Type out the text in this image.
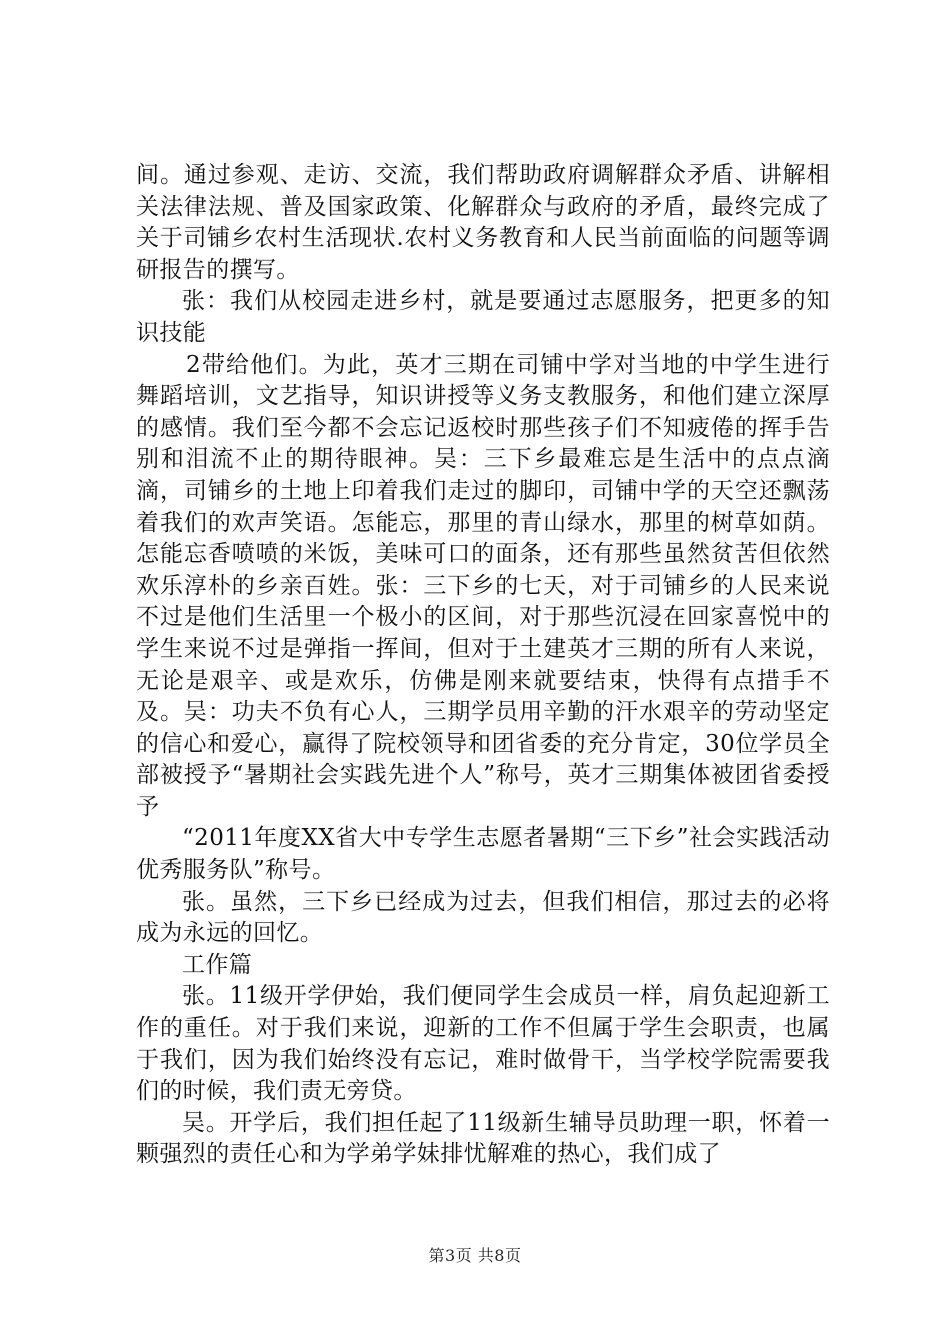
间。通过参观、走访、交流，我们帮助政府调解群众矛盾、讲解相关法律法规、普及国家政策、化解群众与政府的矛盾，最终完成了关于司铺乡农村生活现状.农村义务教育和人民当前面临的问题等调研报告的撰写。

张：我们从校园走进乡村，就是要通过志愿服务，把更多的知识技能

2带给他们。为此，英才三期在司铺中学对当地的中学生进行舞蹈培训，文艺指导，知识讲授等义务支教服务，和他们建立深厚的感情。我们至今都不会忘记返校时那些孩子们不知疲倦的挥手告别和泪流不止的期待眼神。吴：三下乡最难忘是生活中的点点滴滴，司铺乡的土地上印着我们走过的脚印，司铺中学的天空还飘荡着我们的欢声笑语。怎能忘，那里的青山绿水，那里的树草如荫。怎能忘香喷喷的米饭，美味可口的面条，还有那些虽然贫苦但依然欢乐淳朴的乡亲百姓。张：三下乡的七天，对于司铺乡的人民来说不过是他们生活里一个极小的区间，对于那些沉浸在回家喜悦中的学生来说不过是弹指一挥间，但对于土建英才三期的所有人来说，无论是艰辛、或是欢乐，仿佛是刚来就要结束，快得有点措手不及。吴：功夫不负有心人，三期学员用辛勤的汗水艰辛的劳动坚定的信心和爱心，赢得了院校领导和团省委的充分肯定，30位学员全部被授予“暑期社会实践先进个人”称号，英才三期集体被团省委授予

“2011年度XX省大中专学生志愿者暑期“三下乡”社会实践活动优秀服务队”称号。

张。虽然，三下乡已经成为过去，但我们相信，那过去的必将成为永远的回忆。

工作篇

张。11级开学伊始，我们便同学生会成员一样，肩负起迎新工作的重任。对于我们来说，迎新的工作不但属于学生会职责，也属于我们，因为我们始终没有忘记，难时做骨干，当学校学院需要我们的时候，我们责无旁贷。

吴。开学后，我们担任起了11级新生辅导员助理一职，怀着一颗强烈的责任心和为学弟学妹排忧解难的热心，我们成了

第3页 共8页
